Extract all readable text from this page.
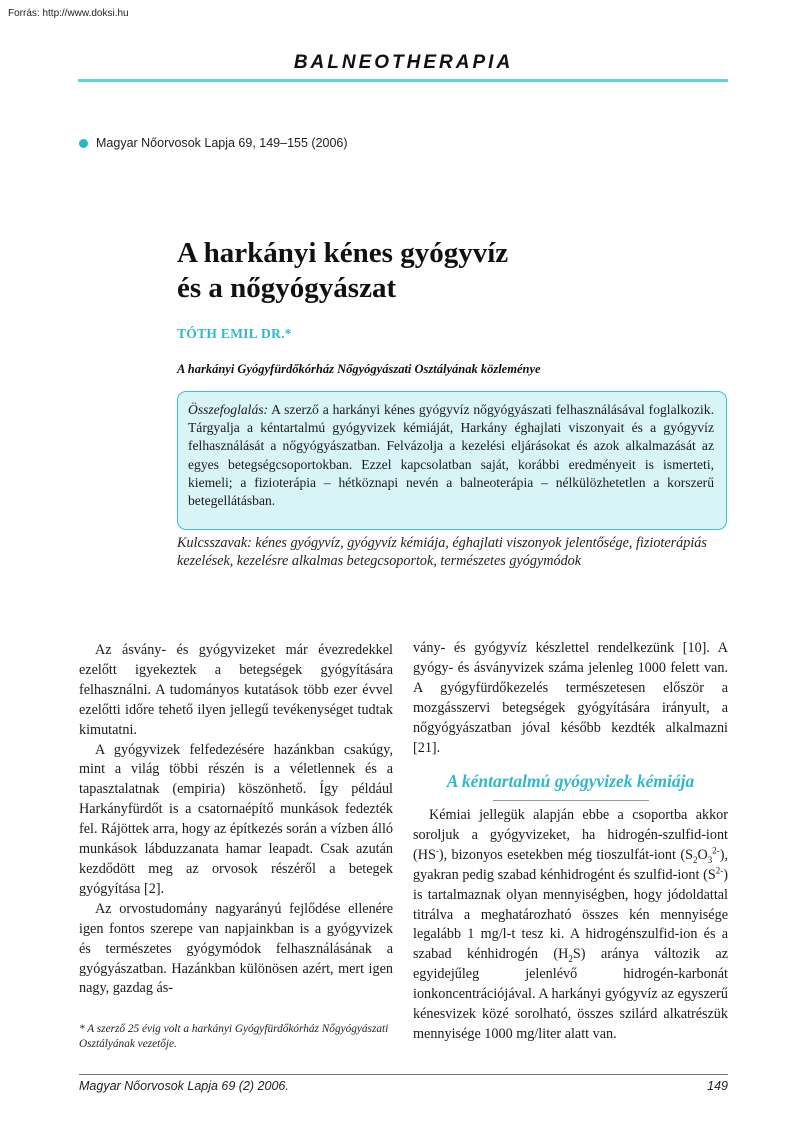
Forrás: http://www.doksi.hu
BALNEOTHERAPIA
Magyar Nőorvosok Lapja 69, 149–155 (2006)
A harkányi kénes gyógyvíz
és a nőgyógyászat
TÓTH EMIL DR.*
A harkányi Gyógyfürdőkórház Nőgyógyászati Osztályának közleménye
Összefoglalás: A szerző a harkányi kénes gyógyvíz nőgyógyászati felhasználásával foglalkozik. Tárgyalja a kéntartalmú gyógyvizek kémiáját, Harkány éghajlati viszonyait és a gyógyvíz felhasználását a nőgyógyászatban. Felvázolja a kezelési eljárásokat és azok alkalmazását az egyes betegségcsoportokban. Ezzel kapcsolatban saját, korábbi eredményeit is ismerteti, kiemeli; a fizioterápia – hétköznapi nevén a balneoterápia – nélkülözhetetlen a korszerű betegellátásban.
Kulcsszavak: kénes gyógyvíz, gyógyvíz kémiája, éghajlati viszonyok jelentősége, fizioterápiás kezelések, kezelésre alkalmas betegcsoportok, természetes gyógymódok

Az ásvány- és gyógyvizeket már évezredekkel ezelőtt igyekeztek a betegségek gyógyítására felhasználni. A tudományos kutatások több ezer évvel ezelőtti időre tehető ilyen jellegű tevékenységet tudtak kimutatni.

A gyógyvizek felfedezésére hazánkban csakúgy, mint a világ többi részén is a véletlennek és a tapasztalatnak (empiria) köszönhető. Így például Harkányfürdőt is a csatornaépítő munkások fedezték fel. Rájöttek arra, hogy az építkezés során a vízben álló munkások lábduzzanata hamar leapadt. Csak azután kezdődött meg az orvosok részéről a betegek gyógyítása [2].

Az orvostudomány nagyarányú fejlődése ellenére igen fontos szerepe van napjainkban is a gyógyvizek és természetes gyógymódok felhasználásának a gyógyászatban. Hazánkban különösen azért, mert igen nagy, gazdag ás-

vány- és gyógyvíz készlettel rendelkezünk [10]. A gyógy- és ásványvizek száma jelenleg 1000 felett van. A gyógyfürdőkezelés természetesen először a mozgásszervi betegségek gyógyítására irányult, a nőgyógyászatban jóval később kezdték alkalmazni [21].

A kéntartalmú gyógyvizek kémiája

Kémiai jellegük alapján ebbe a csoportba akkor soroljuk a gyógyvizeket, ha hidrogén-szulfid-iont (HS-), bizonyos esetekben még tioszulfát-iont $(S_2O_3^{2-})$, gyakran pedig szabad kénhidrogént és szulfid-iont $(S^{2-})$ is tartalmaznak olyan mennyiségben, hogy jódoldattal titrálva a meghatározható összes kén mennyisége legalább 1 mg/l-t tesz ki. A hidrogénszulfid-ion és a szabad kénhidrogén $(H_2S)$ aránya változik az egyidejűleg jelenlévő hidrogén-karbonát ionkoncentrációjával. A harkányi gyógyvíz az egyszerű kénesvizek közé sorolható, összes szilárd alkatrészük mennyisége 1000 mg/liter alatt van.

* A szerző 25 évig volt a harkányi Gyógyfürdőkórház Nőgyógyászati Osztályának vezetője.
Magyar Nőorvosok Lapja 69 (2) 2006.	149
